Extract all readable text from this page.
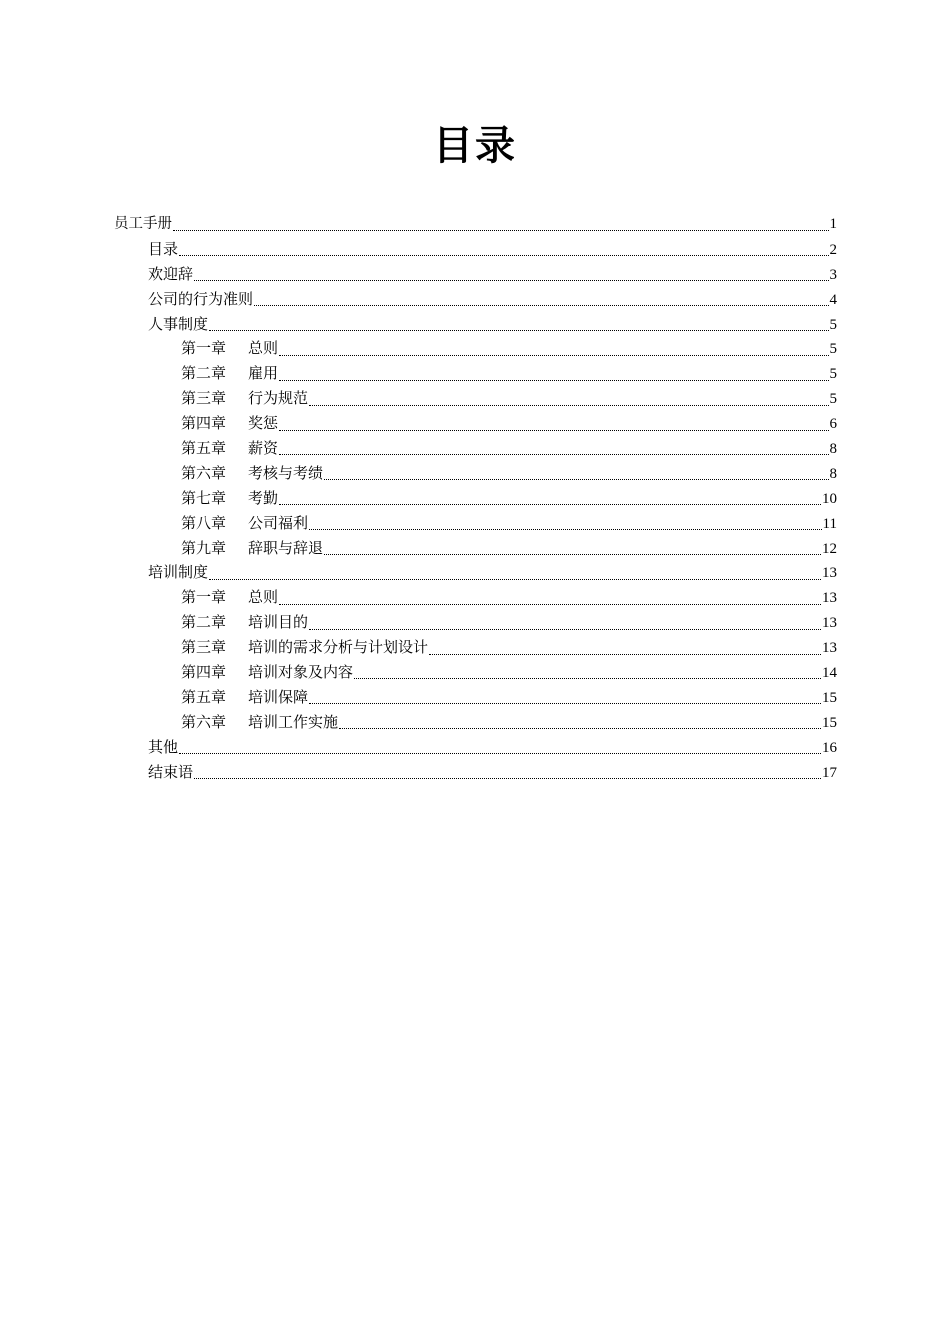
目录
员工手册	1
目录	2
欢迎辞	3
公司的行为准则	4
人事制度	5
第一章	总则	5
第二章	雇用	5
第三章	行为规范	5
第四章	奖惩	6
第五章	薪资	8
第六章	考核与考绩	8
第七章	考勤	10
第八章	公司福利	11
第九章	辞职与辞退	12
培训制度	13
第一章	总则	13
第二章	培训目的	13
第三章	培训的需求分析与计划设计	13
第四章	培训对象及内容	14
第五章	培训保障	15
第六章	培训工作实施	15
其他	16
结束语	17
